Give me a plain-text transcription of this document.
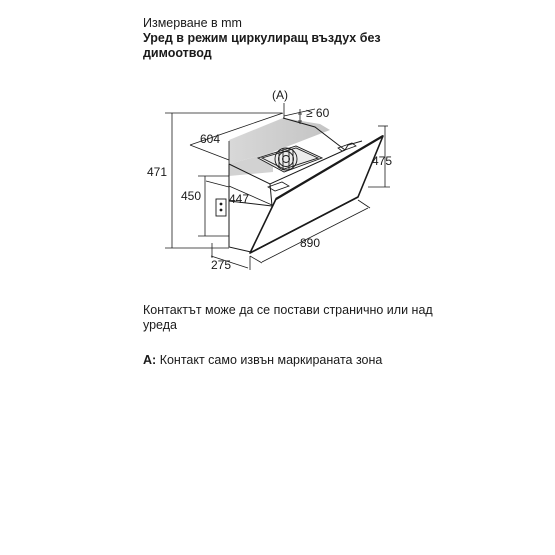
Измерване в mm

Уред в режим циркулиращ въздух без димоотвод

(A)
≥ 60
604
471
450 447
275
890
475

Контактът може да се постави странично или над уреда

A: Контакт само извън маркираната зона
